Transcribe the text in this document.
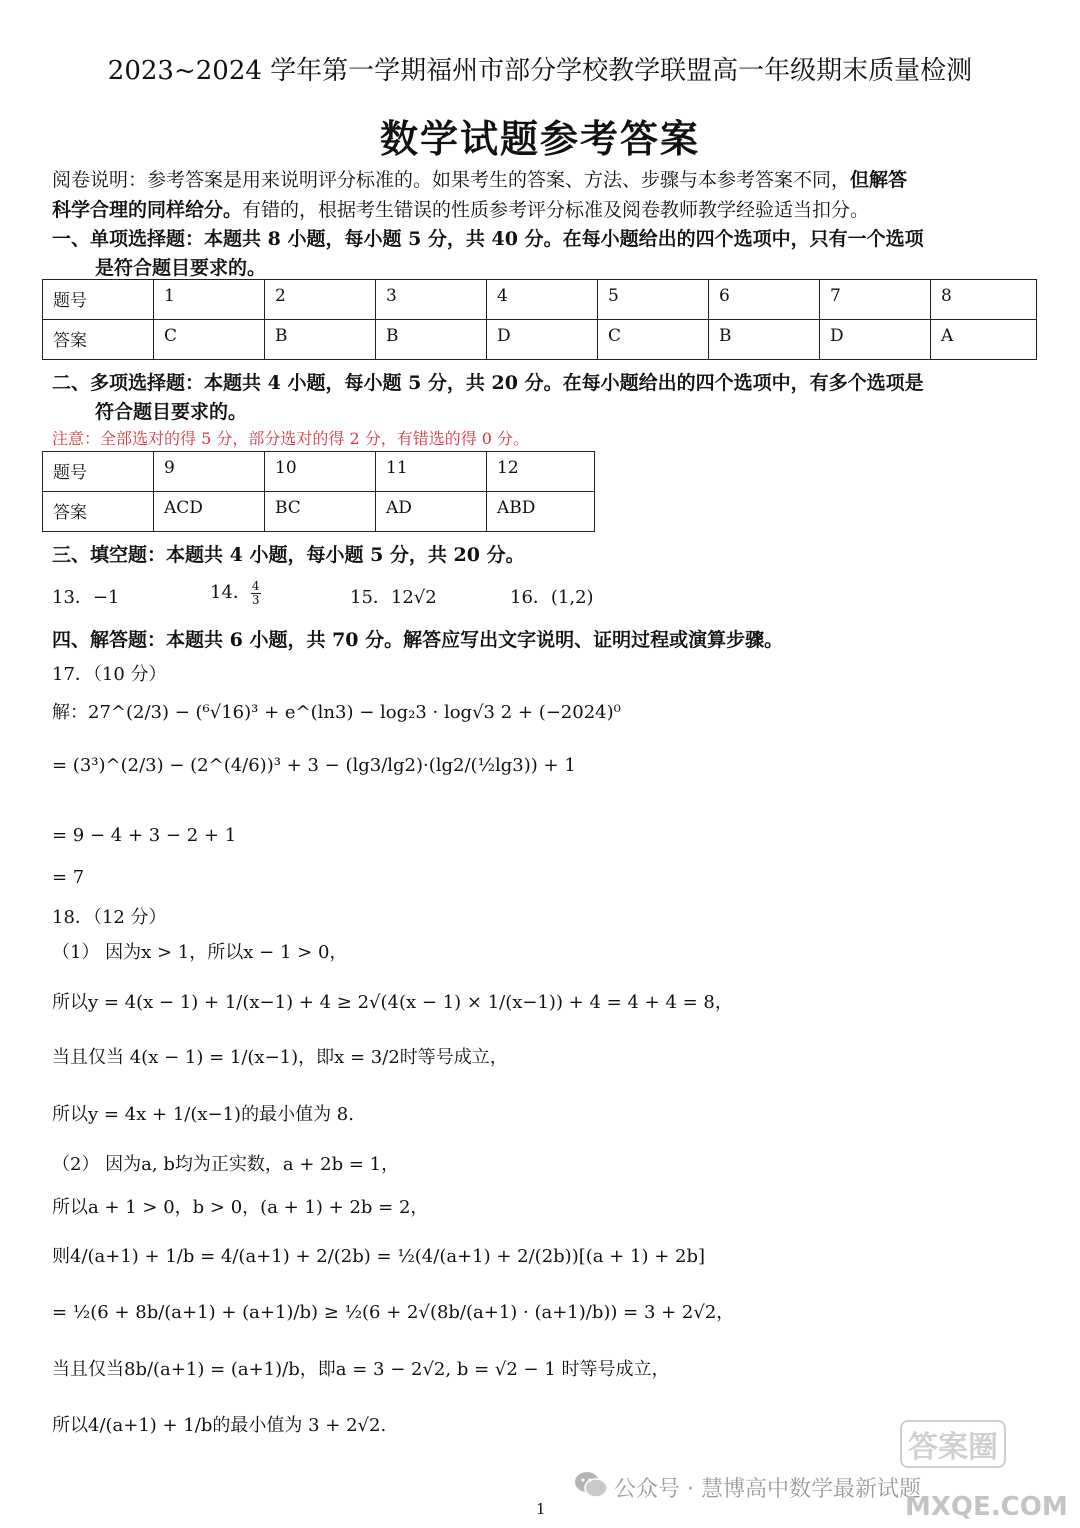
2023~2024 学年第一学期福州市部分学校教学联盟高一年级期末质量检测
数学试题参考答案
阅卷说明：参考答案是用来说明评分标准的。如果考生的答案、方法、步骤与本参考答案不同，但解答
科学合理的同样给分。有错的，根据考生错误的性质参考评分标准及阅卷教师教学经验适当扣分。
一、单项选择题：本题共 8 小题，每小题 5 分，共 40 分。在每小题给出的四个选项中，只有一个选项
是符合题目要求的。
题号	1	2	3	4	5	6	7	8
答案	C	B	B	D	C	B	D	A
二、多项选择题：本题共 4 小题，每小题 5 分，共 20 分。在每小题给出的四个选项中，有多个选项是
符合题目要求的。
注意：全部选对的得 5 分，部分选对的得 2 分，有错选的得 0 分。
题号	9	10	11	12
答案	ACD	BC	AD	ABD
三、填空题：本题共 4 小题，每小题 5 分，共 20 分。
13．−1	14． $\frac{4}{3}$	15．12√2	16．(1,2)
四、解答题：本题共 6 小题，共 70 分。解答应写出文字说明、证明过程或演算步骤。
17．（10 分）
解：27^(2/3) − (⁶√16)³ + e^(ln3) − log₂3 · log√3 2 + (−2024)⁰
= (3³)^(2/3) − (2^(4/6))³ + 3 − (lg3/lg2)·(lg2/(½lg3)) + 1
= 9 − 4 + 3 − 2 + 1
= 7
18．（12 分）
（1） 因为x > 1，所以x − 1 > 0，
所以y = 4(x − 1) + 1/(x−1) + 4 ≥ 2√(4(x − 1) × 1/(x−1)) + 4 = 4 + 4 = 8，
当且仅当 4(x − 1) = 1/(x−1)，即x = 3/2时等号成立，
所以y = 4x + 1/(x−1)的最小值为 8.
（2） 因为a, b均为正实数，a + 2b = 1，
所以a + 1 > 0，b > 0，(a + 1) + 2b = 2，
则4/(a+1) + 1/b = 4/(a+1) + 2/(2b) = ½(4/(a+1) + 2/(2b))[(a + 1) + 2b]
= ½(6 + 8b/(a+1) + (a+1)/b) ≥ ½(6 + 2√(8b/(a+1) · (a+1)/b)) = 3 + 2√2，
当且仅当8b/(a+1) = (a+1)/b，即a = 3 − 2√2, b = √2 − 1 时等号成立，
所以4/(a+1) + 1/b的最小值为 3 + 2√2.
公众号 · 慧博高中数学最新试题
答案圈
MXQE.COM
1
